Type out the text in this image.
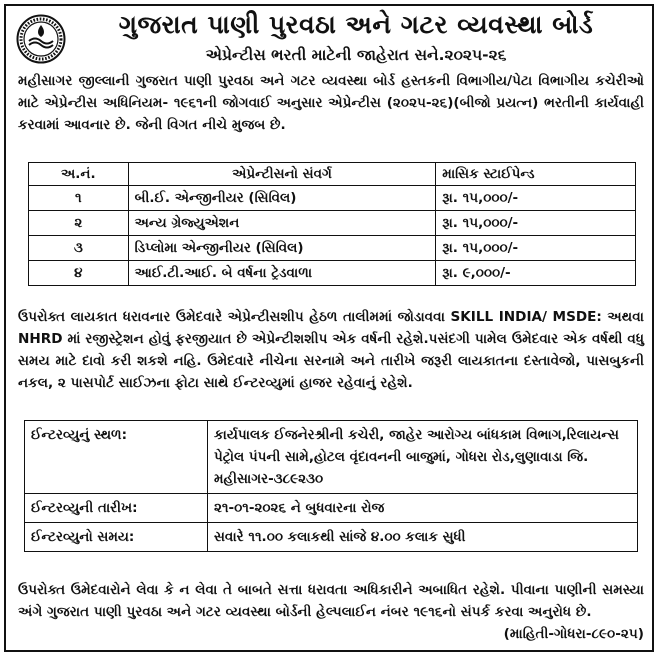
ગુજરાત પાણી પુરવઠા અને ગટર વ્યવસ્થા બોર્ડ
એપ્રેન્ટીસ ભરતી માટેની જાહેરાત સને.૨૦૨૫-૨૬

મહીસાગર જીલ્લાની ગુજરાત પાણી પુરવઠા અને ગટર વ્યવસ્થા બોર્ડ હસ્તકની વિભાગીય/પેટા વિભાગીય કચેરીઓ માટે એપ્રેન્ટીસ અધિનિયમ- ૧૯૬૧ની જોગવાઈ અનુસાર એપ્રેન્ટીસ (૨૦૨૫-૨૬)(બીજો પ્રયત્ન) ભરતીની કાર્યવાહી કરવામાં આવનાર છે. જેની વિગત નીચે મુજબ છે.

અ.નં.	એપ્રેન્ટીસનો સંવર્ગ	માસિક સ્ટાઈપેન્ડ
૧	બી.ઈ. એન્જીનીયર (સિવિલ)	રૂા. ૧૫,૦૦૦/-
૨	અન્ય ગ્રેજ્યુએશન	રૂા. ૧૫,૦૦૦/-
૩	ડિપ્લોમા એન્જીનીયર (સિવિલ)	રૂા. ૧૫,૦૦૦/-
૪	આઈ.ટી.આઈ. બે વર્ષના ટ્રેડવાળા	રૂા. ૯,૦૦૦/-

ઉપરોક્ત લાયકાત ધરાવનાર ઉમેદવારે એપ્રેન્ટીસશીપ હેઠળ તાલીમમાં જોડાવવા SKILL INDIA/ MSDE: અથવા NHRD માં રજીસ્ટ્રેશન હોવું ફરજીયાત છે એપ્રેન્ટીશશીપ એક વર્ષની રહેશે.પસંદગી પામેલ ઉમેદવાર એક વર્ષથી વધુ સમય માટે દાવો કરી શકશે નહિ. ઉમેદવારે નીચેના સરનામે અને તારીખે જરૂરી લાયકાતના દસ્તાવેજો, પાસબુકની નકલ, ૨ પાસપોર્ટ સાઈઝના ફોટા સાથે ઈન્ટરવ્યુમાં હાજર રહેવાનું રહેશે.

ઈન્ટરવ્યુનું સ્થળ:	કાર્યપાલક ઈજનેરશ્રીની કચેરી, જાહેર આરોગ્ય બાંધકામ વિભાગ,રિલાયન્સ પેટ્રોલ પંપની સામે,હોટલ વૃંદાવનની બાજુમાં, ગોધરા રોડ,લુણાવાડા જિ. મહીસાગર-૩૮૯૨૩૦
ઈન્ટરવ્યુની તારીખ:	૨૧-૦૧-૨૦૨૬ ને બુધવારના રોજ
ઈન્ટરવ્યુનો સમય:	સવારે ૧૧.૦૦ કલાકથી સાંજે ૪.૦૦ કલાક સુધી

ઉપરોક્ત ઉમેદવારોને લેવા કે ન લેવા તે બાબતે સત્તા ધરાવતા અધિકારીને અબાધિત રહેશે. પીવાના પાણીની સમસ્યા અંગે ગુજરાત પાણી પુરવઠા અને ગટર વ્યવસ્થા બોર્ડની હેલ્પલાઈન નંબર ૧૯૧૬નો સંપર્ક કરવા અનુરોધ છે.
(માહિતી-ગોધરા-૮૯૦-૨૫)
